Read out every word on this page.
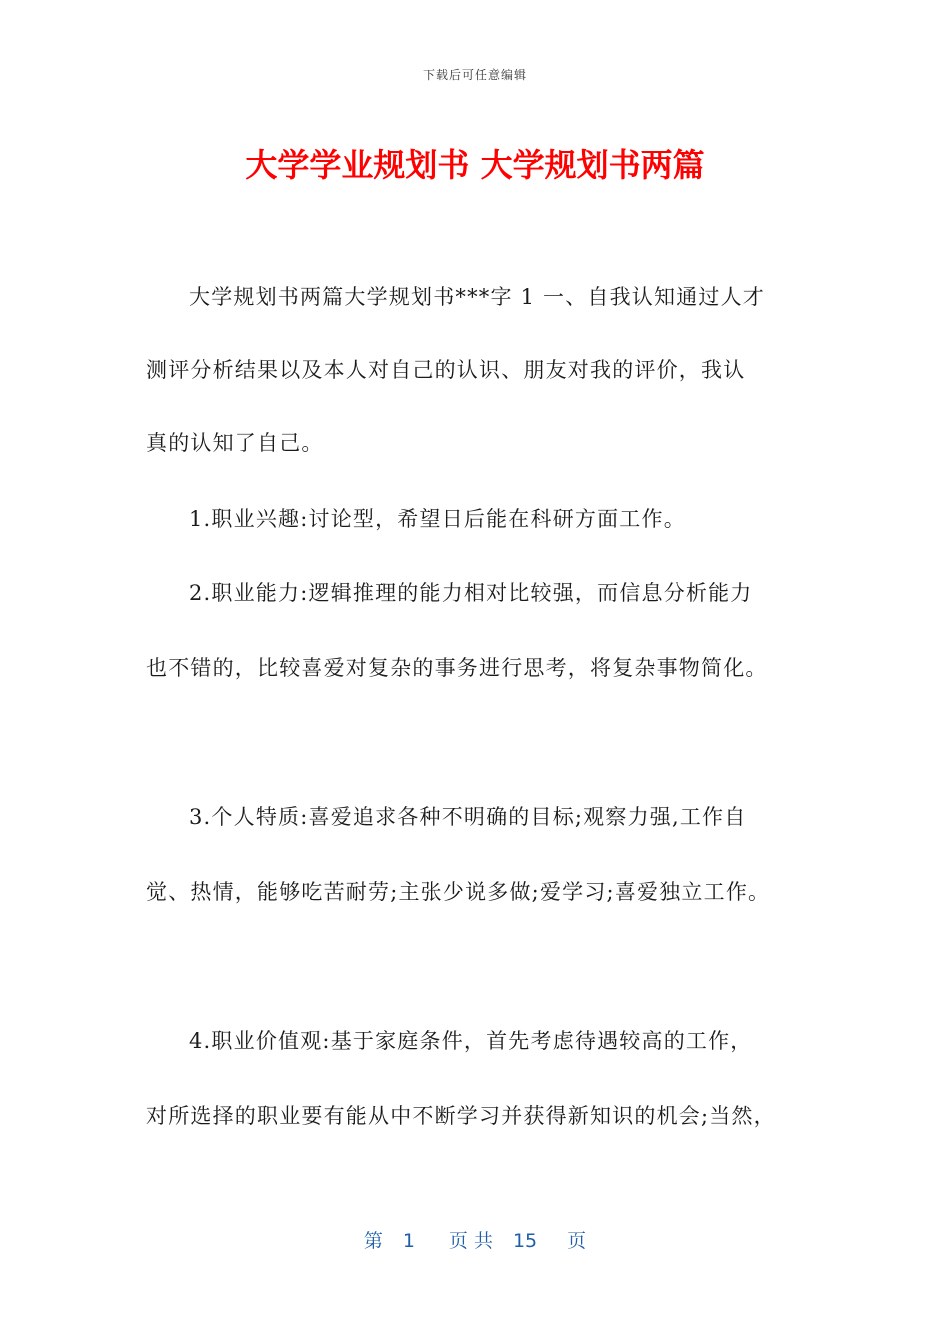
下载后可任意编辑
大学学业规划书 大学规划书两篇
大学规划书两篇大学规划书***字 1 一、自我认知通过人才
测评分析结果以及本人对自己的认识、朋友对我的评价，我认
真的认知了自己。
1.职业兴趣:讨论型，希望日后能在科研方面工作。
2.职业能力:逻辑推理的能力相对比较强，而信息分析能力
也不错的，比较喜爱对复杂的事务进行思考，将复杂事物简化。
3.个人特质:喜爱追求各种不明确的目标;观察力强,工作自
觉、热情，能够吃苦耐劳;主张少说多做;爱学习;喜爱独立工作。
4.职业价值观:基于家庭条件，首先考虑待遇较高的工作，
对所选择的职业要有能从中不断学习并获得新知识的机会;当然，
第 1 页 共 15 页
